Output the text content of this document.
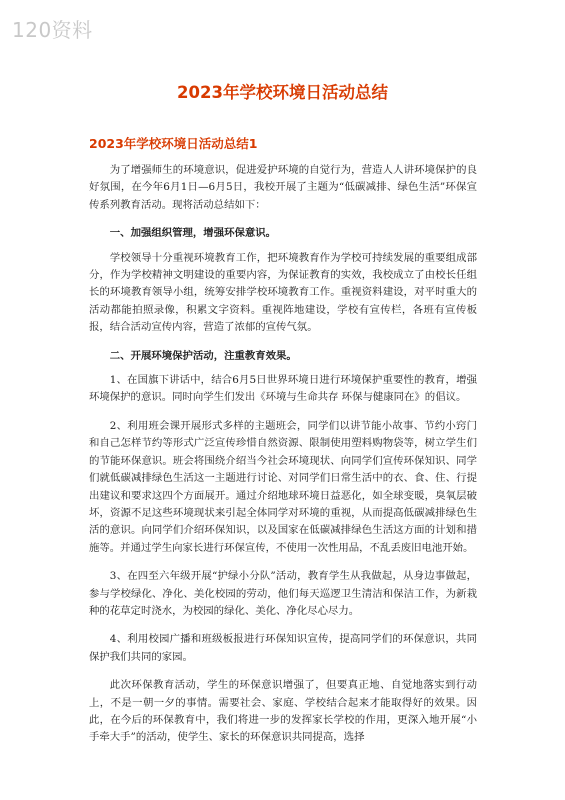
120资料
2023年学校环境日活动总结
2023年学校环境日活动总结1

为了增强师生的环境意识，促进爱护环境的自觉行为，营造人人讲环境保护的良好氛围，在今年6月1日—6月5日，我校开展了主题为“低碳减排、绿色生活”环保宣传系列教育活动。现将活动总结如下：

一、加强组织管理，增强环保意识。

学校领导十分重视环境教育工作，把环境教育作为学校可持续发展的重要组成部分，作为学校精神文明建设的重要内容，为保证教育的实效，我校成立了由校长任组长的环境教育领导小组，统筹安排学校环境教育工作。重视资料建设，对平时重大的活动都能拍照录像，积累文字资料。重视阵地建设，学校有宣传栏，各班有宣传板报，结合活动宣传内容，营造了浓郁的宣传气氛。

二、开展环境保护活动，注重教育效果。

1、在国旗下讲话中，结合6月5日世界环境日进行环境保护重要性的教育，增强环境保护的意识。同时向学生们发出《环境与生命共存 环保与健康同在》的倡议。

2、利用班会课开展形式多样的主题班会，同学们以讲节能小故事、节约小窍门和自己怎样节约等形式广泛宣传珍惜自然资源、限制使用塑料购物袋等，树立学生们的节能环保意识。班会将围绕介绍当今社会环境现状、向同学们宣传环保知识、同学们就低碳减排绿色生活这一主题进行讨论、对同学们日常生活中的衣、食、住、行提出建议和要求这四个方面展开。通过介绍地球环境日益恶化，如全球变暖，臭氧层破坏，资源不足这些环境现状来引起全体同学对环境的重视，从而提高低碳减排绿色生活的意识。向同学们介绍环保知识，以及国家在低碳减排绿色生活这方面的计划和措施等。并通过学生向家长进行环保宣传，不使用一次性用品，不乱丢废旧电池开始。

3、在四至六年级开展“护绿小分队”活动，教育学生从我做起，从身边事做起，参与学校绿化、净化、美化校园的劳动，他们每天巡逻卫生清洁和保洁工作，为新栽种的花草定时浇水，为校园的绿化、美化、净化尽心尽力。

4、利用校园广播和班级板报进行环保知识宣传，提高同学们的环保意识，共同保护我们共同的家园。

此次环保教育活动，学生的环保意识增强了，但要真正地、自觉地落实到行动上，不是一朝一夕的事情。需要社会、家庭、学校结合起来才能取得好的效果。因此，在今后的环保教育中，我们将进一步的发挥家长学校的作用，更深入地开展“小手牵大手”的活动，使学生、家长的环保意识共同提高，选择
